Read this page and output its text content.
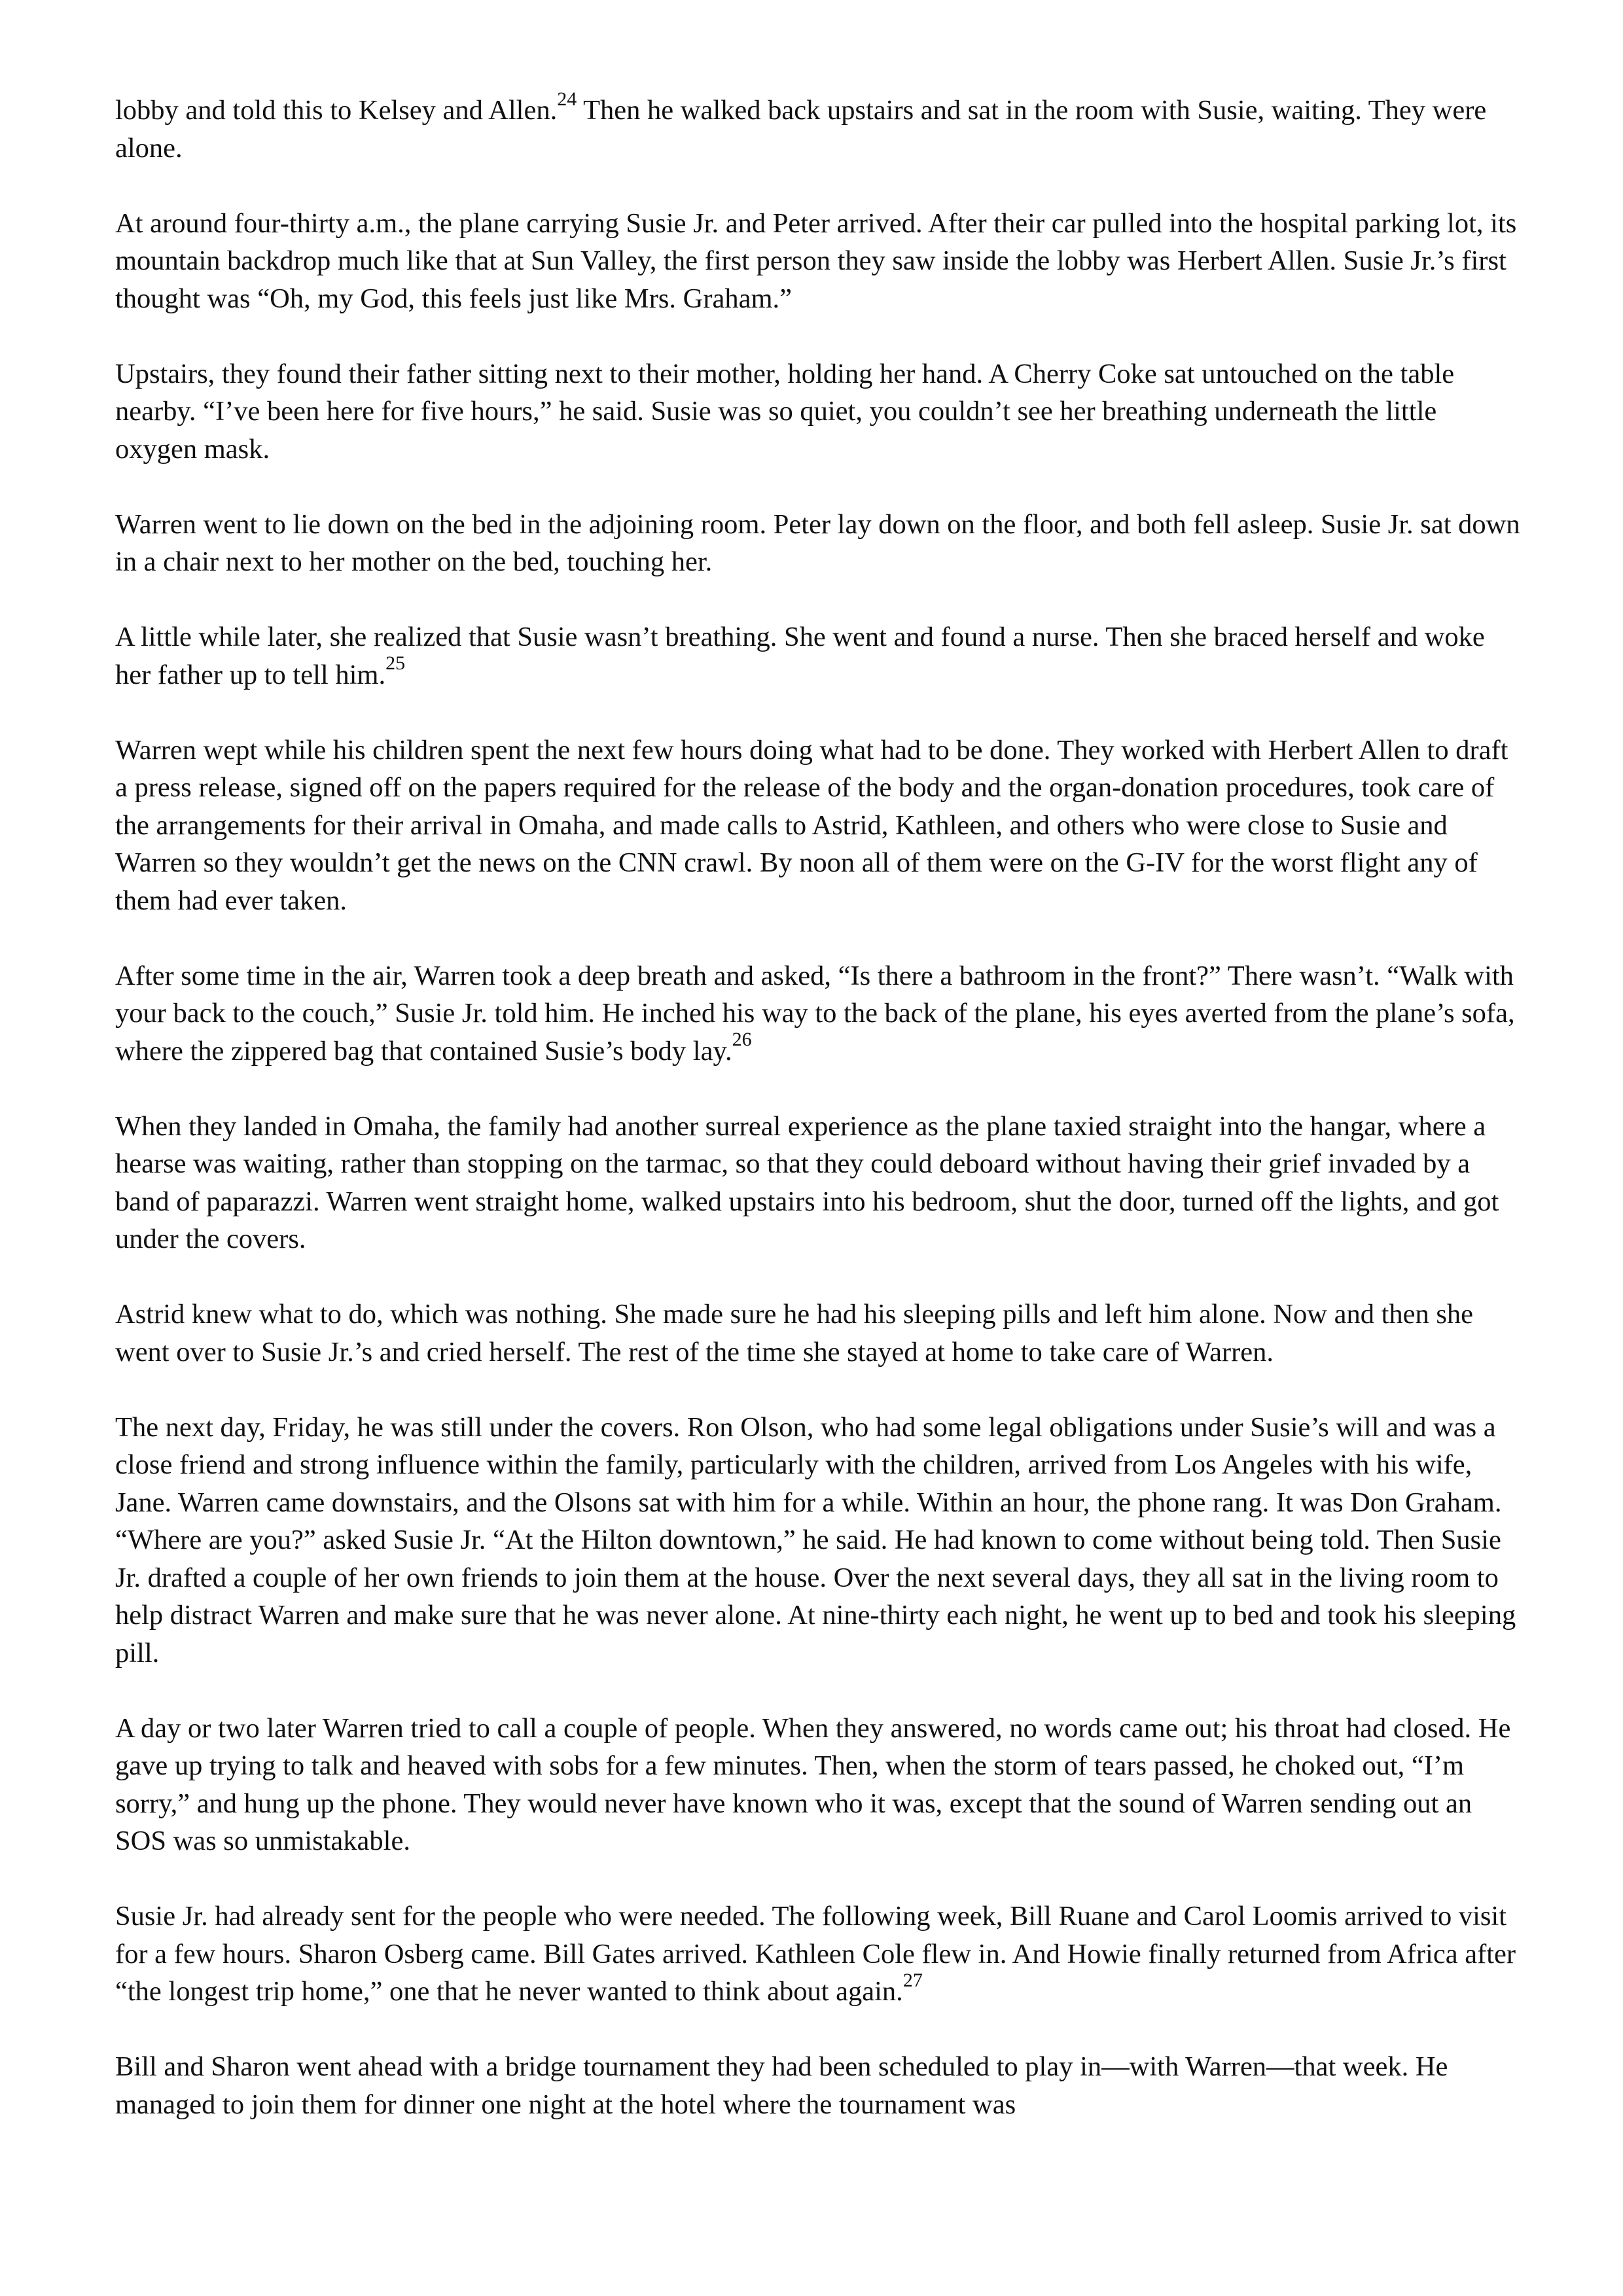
lobby and told this to Kelsey and Allen.$^{24}$ Then he walked back upstairs and sat in the room with Susie, waiting. They were alone.

At around four-thirty a.m., the plane carrying Susie Jr. and Peter arrived. After their car pulled into the hospital parking lot, its mountain backdrop much like that at Sun Valley, the first person they saw inside the lobby was Herbert Allen. Susie Jr.’s first thought was “Oh, my God, this feels just like Mrs. Graham.”

Upstairs, they found their father sitting next to their mother, holding her hand. A Cherry Coke sat untouched on the table nearby. “I’ve been here for five hours,” he said. Susie was so quiet, you couldn’t see her breathing underneath the little oxygen mask.

Warren went to lie down on the bed in the adjoining room. Peter lay down on the floor, and both fell asleep. Susie Jr. sat down in a chair next to her mother on the bed, touching her.

A little while later, she realized that Susie wasn’t breathing. She went and found a nurse. Then she braced herself and woke her father up to tell him.$^{25}$

Warren wept while his children spent the next few hours doing what had to be done. They worked with Herbert Allen to draft a press release, signed off on the papers required for the release of the body and the organ-donation procedures, took care of the arrangements for their arrival in Omaha, and made calls to Astrid, Kathleen, and others who were close to Susie and Warren so they wouldn’t get the news on the CNN crawl. By noon all of them were on the G-IV for the worst flight any of them had ever taken.

After some time in the air, Warren took a deep breath and asked, “Is there a bathroom in the front?” There wasn’t. “Walk with your back to the couch,” Susie Jr. told him. He inched his way to the back of the plane, his eyes averted from the plane’s sofa, where the zippered bag that contained Susie’s body lay.$^{26}$

When they landed in Omaha, the family had another surreal experience as the plane taxied straight into the hangar, where a hearse was waiting, rather than stopping on the tarmac, so that they could deboard without having their grief invaded by a band of paparazzi. Warren went straight home, walked upstairs into his bedroom, shut the door, turned off the lights, and got under the covers.

Astrid knew what to do, which was nothing. She made sure he had his sleeping pills and left him alone. Now and then she went over to Susie Jr.’s and cried herself. The rest of the time she stayed at home to take care of Warren.

The next day, Friday, he was still under the covers. Ron Olson, who had some legal obligations under Susie’s will and was a close friend and strong influence within the family, particularly with the children, arrived from Los Angeles with his wife, Jane. Warren came downstairs, and the Olsons sat with him for a while. Within an hour, the phone rang. It was Don Graham. “Where are you?” asked Susie Jr. “At the Hilton downtown,” he said. He had known to come without being told. Then Susie Jr. drafted a couple of her own friends to join them at the house. Over the next several days, they all sat in the living room to help distract Warren and make sure that he was never alone. At nine-thirty each night, he went up to bed and took his sleeping pill.

A day or two later Warren tried to call a couple of people. When they answered, no words came out; his throat had closed. He gave up trying to talk and heaved with sobs for a few minutes. Then, when the storm of tears passed, he choked out, “I’m sorry,” and hung up the phone. They would never have known who it was, except that the sound of Warren sending out an SOS was so unmistakable.

Susie Jr. had already sent for the people who were needed. The following week, Bill Ruane and Carol Loomis arrived to visit for a few hours. Sharon Osberg came. Bill Gates arrived. Kathleen Cole flew in. And Howie finally returned from Africa after “the longest trip home,” one that he never wanted to think about again.$^{27}$

Bill and Sharon went ahead with a bridge tournament they had been scheduled to play in—with Warren—that week. He managed to join them for dinner one night at the hotel where the tournament was
